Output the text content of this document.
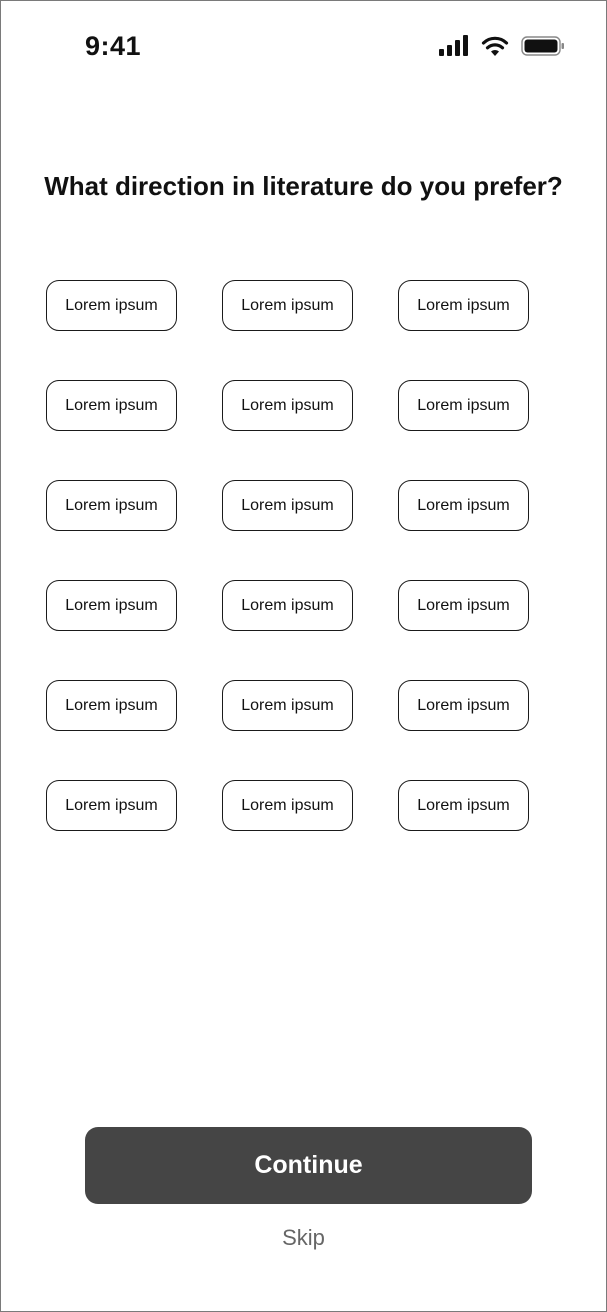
9:41
What direction in literature do you prefer?
Lorem ipsum	Lorem ipsum	Lorem ipsum
Lorem ipsum	Lorem ipsum	Lorem ipsum
Lorem ipsum	Lorem ipsum	Lorem ipsum
Lorem ipsum	Lorem ipsum	Lorem ipsum
Lorem ipsum	Lorem ipsum	Lorem ipsum
Lorem ipsum	Lorem ipsum	Lorem ipsum
Continue
Skip
